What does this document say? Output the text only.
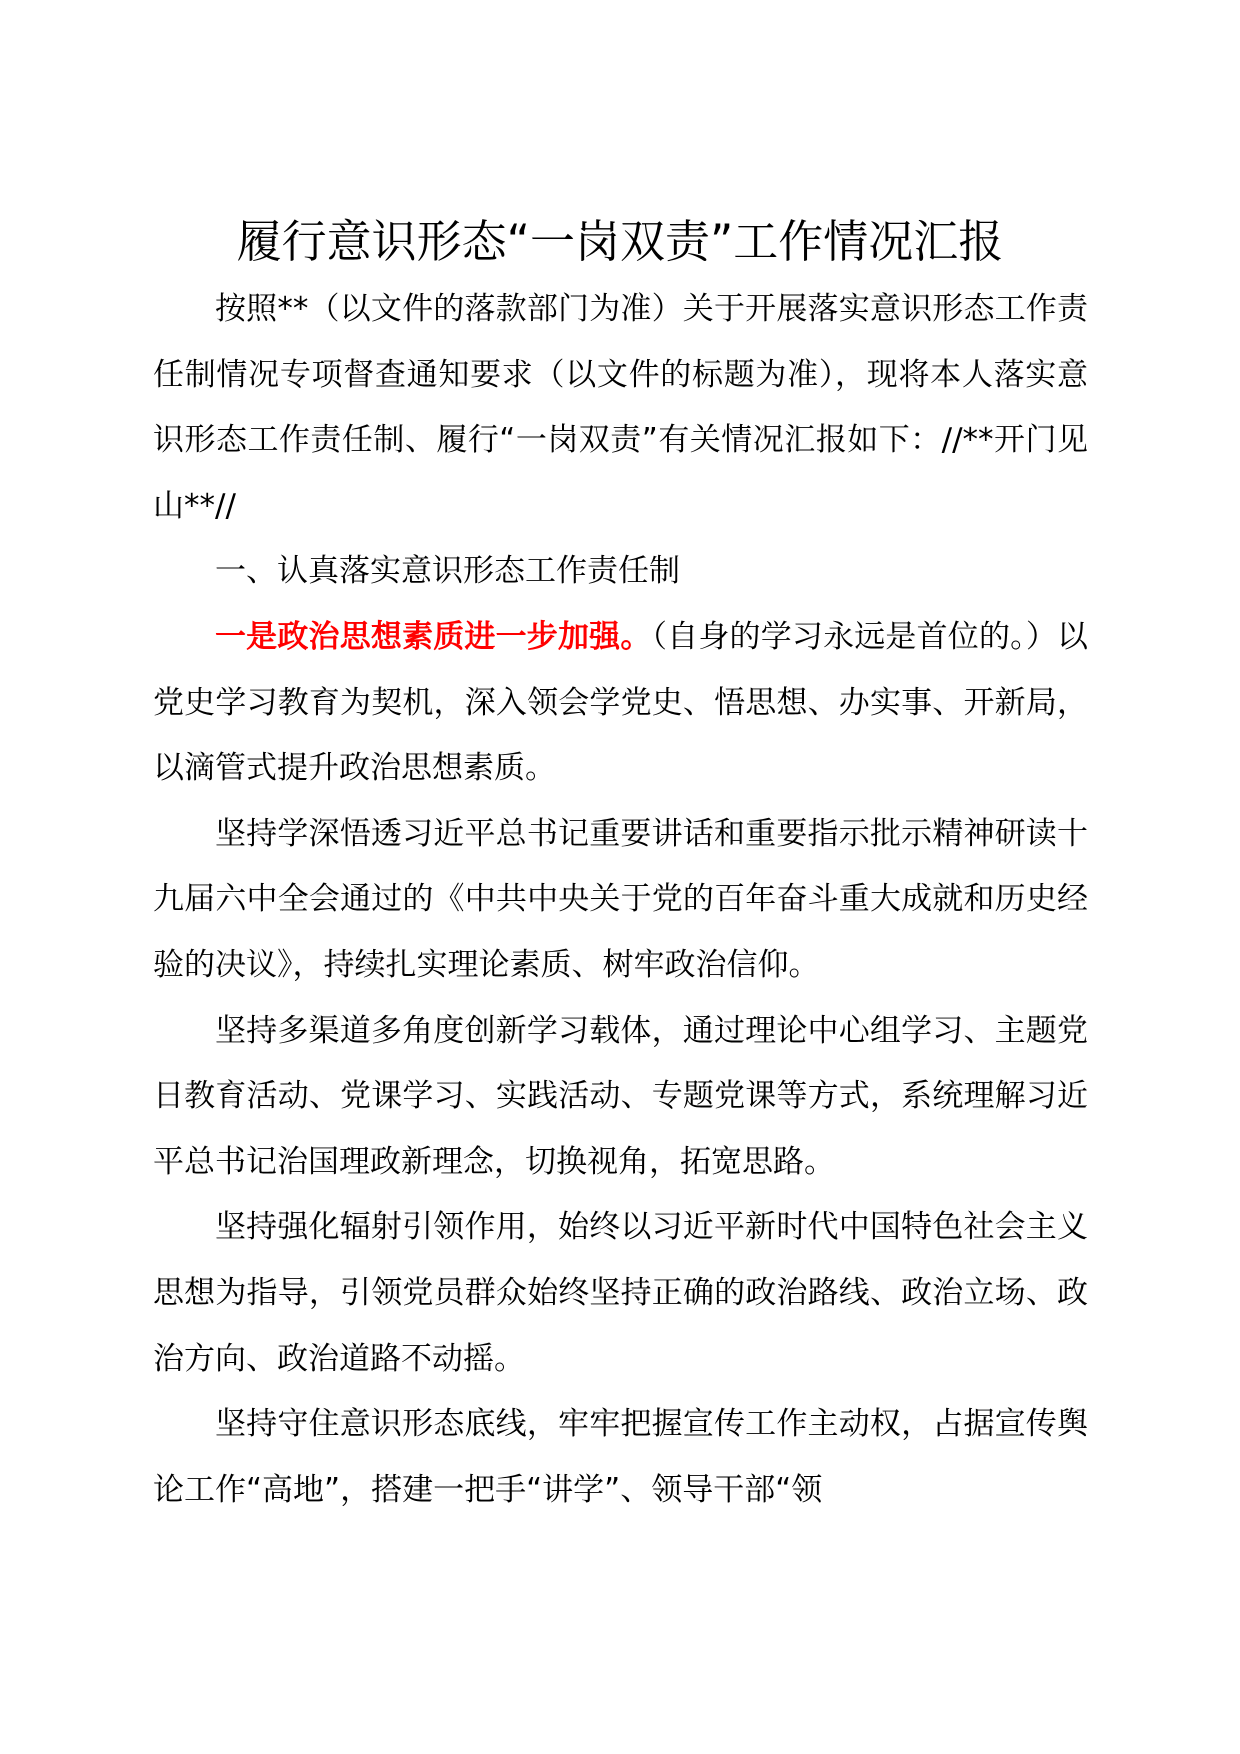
履行意识形态“一岗双责”工作情况汇报

按照**（以文件的落款部门为准）关于开展落实意识形态工作责任制情况专项督查通知要求（以文件的标题为准），现将本人落实意识形态工作责任制、履行“一岗双责”有关情况汇报如下：//**开门见山**//

一、认真落实意识形态工作责任制

一是政治思想素质进一步加强。（自身的学习永远是首位的。）以党史学习教育为契机，深入领会学党史、悟思想、办实事、开新局，以滴管式提升政治思想素质。

坚持学深悟透习近平总书记重要讲话和重要指示批示精神研读十九届六中全会通过的《中共中央关于党的百年奋斗重大成就和历史经验的决议》，持续扎实理论素质、树牢政治信仰。

坚持多渠道多角度创新学习载体，通过理论中心组学习、主题党日教育活动、党课学习、实践活动、专题党课等方式，系统理解习近平总书记治国理政新理念，切换视角，拓宽思路。

坚持强化辐射引领作用，始终以习近平新时代中国特色社会主义思想为指导，引领党员群众始终坚持正确的政治路线、政治立场、政治方向、政治道路不动摇。

坚持守住意识形态底线，牢牢把握宣传工作主动权，占据宣传舆论工作“高地”，搭建一把手“讲学”、领导干部“领
